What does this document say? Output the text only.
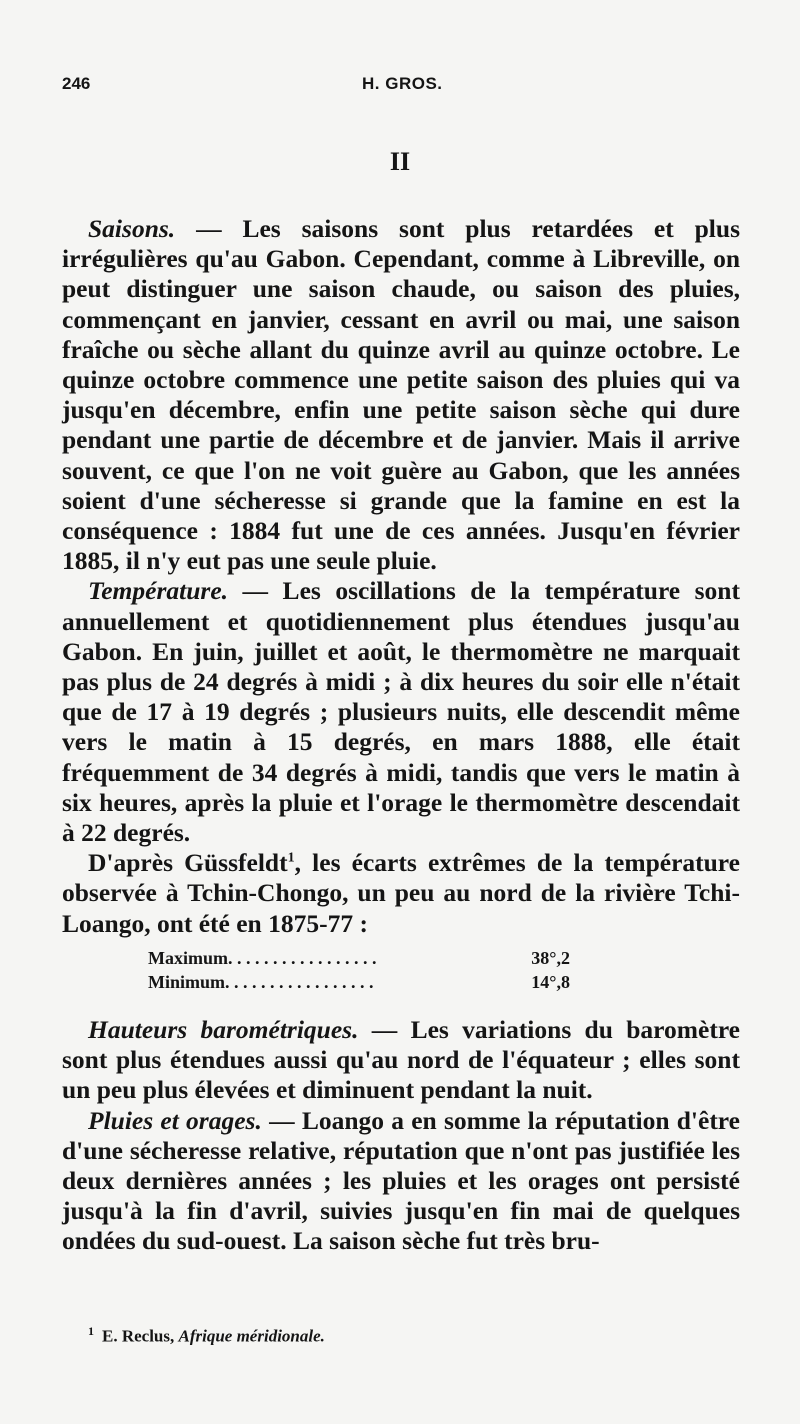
246	H. GROS.
II

Saisons. — Les saisons sont plus retardées et plus irrégulières qu'au Gabon. Cependant, comme à Libreville, on peut distinguer une saison chaude, ou saison des pluies, commençant en janvier, cessant en avril ou mai, une saison fraîche ou sèche allant du quinze avril au quinze octobre. Le quinze octobre commence une petite saison des pluies qui va jusqu'en décembre, enfin une petite saison sèche qui dure pendant une partie de décembre et de janvier. Mais il arrive souvent, ce que l'on ne voit guère au Gabon, que les années soient d'une sécheresse si grande que la famine en est la conséquence : 1884 fut une de ces années. Jusqu'en février 1885, il n'y eut pas une seule pluie.

Température. — Les oscillations de la température sont annuellement et quotidiennement plus étendues jusqu'au Gabon. En juin, juillet et août, le thermomètre ne marquait pas plus de 24 degrés à midi ; à dix heures du soir elle n'était que de 17 à 19 degrés ; plusieurs nuits, elle descendit même vers le matin à 15 degrés, en mars 1888, elle était fréquemment de 34 degrés à midi, tandis que vers le matin à six heures, après la pluie et l'orage le thermomètre descendait à 22 degrés.

D'après Güssfeldt$^1$, les écarts extrêmes de la température observée à Tchin-Chongo, un peu au nord de la rivière Tchi-Loango, ont été en 1875-77 :

Maximum. . . . . . . . . . . . . . . . .	38°,2
Minimum. . . . . . . . . . . . . . . . .	14°,8

Hauteurs barométriques. — Les variations du baromètre sont plus étendues aussi qu'au nord de l'équateur ; elles sont un peu plus élevées et diminuent pendant la nuit.

Pluies et orages. — Loango a en somme la réputation d'être d'une sécheresse relative, réputation que n'ont pas justifiée les deux dernières années ; les pluies et les orages ont persisté jusqu'à la fin d'avril, suivies jusqu'en fin mai de quelques ondées du sud-ouest. La saison sèche fut très bru-

$^1$ E. Reclus, Afrique méridionale.
